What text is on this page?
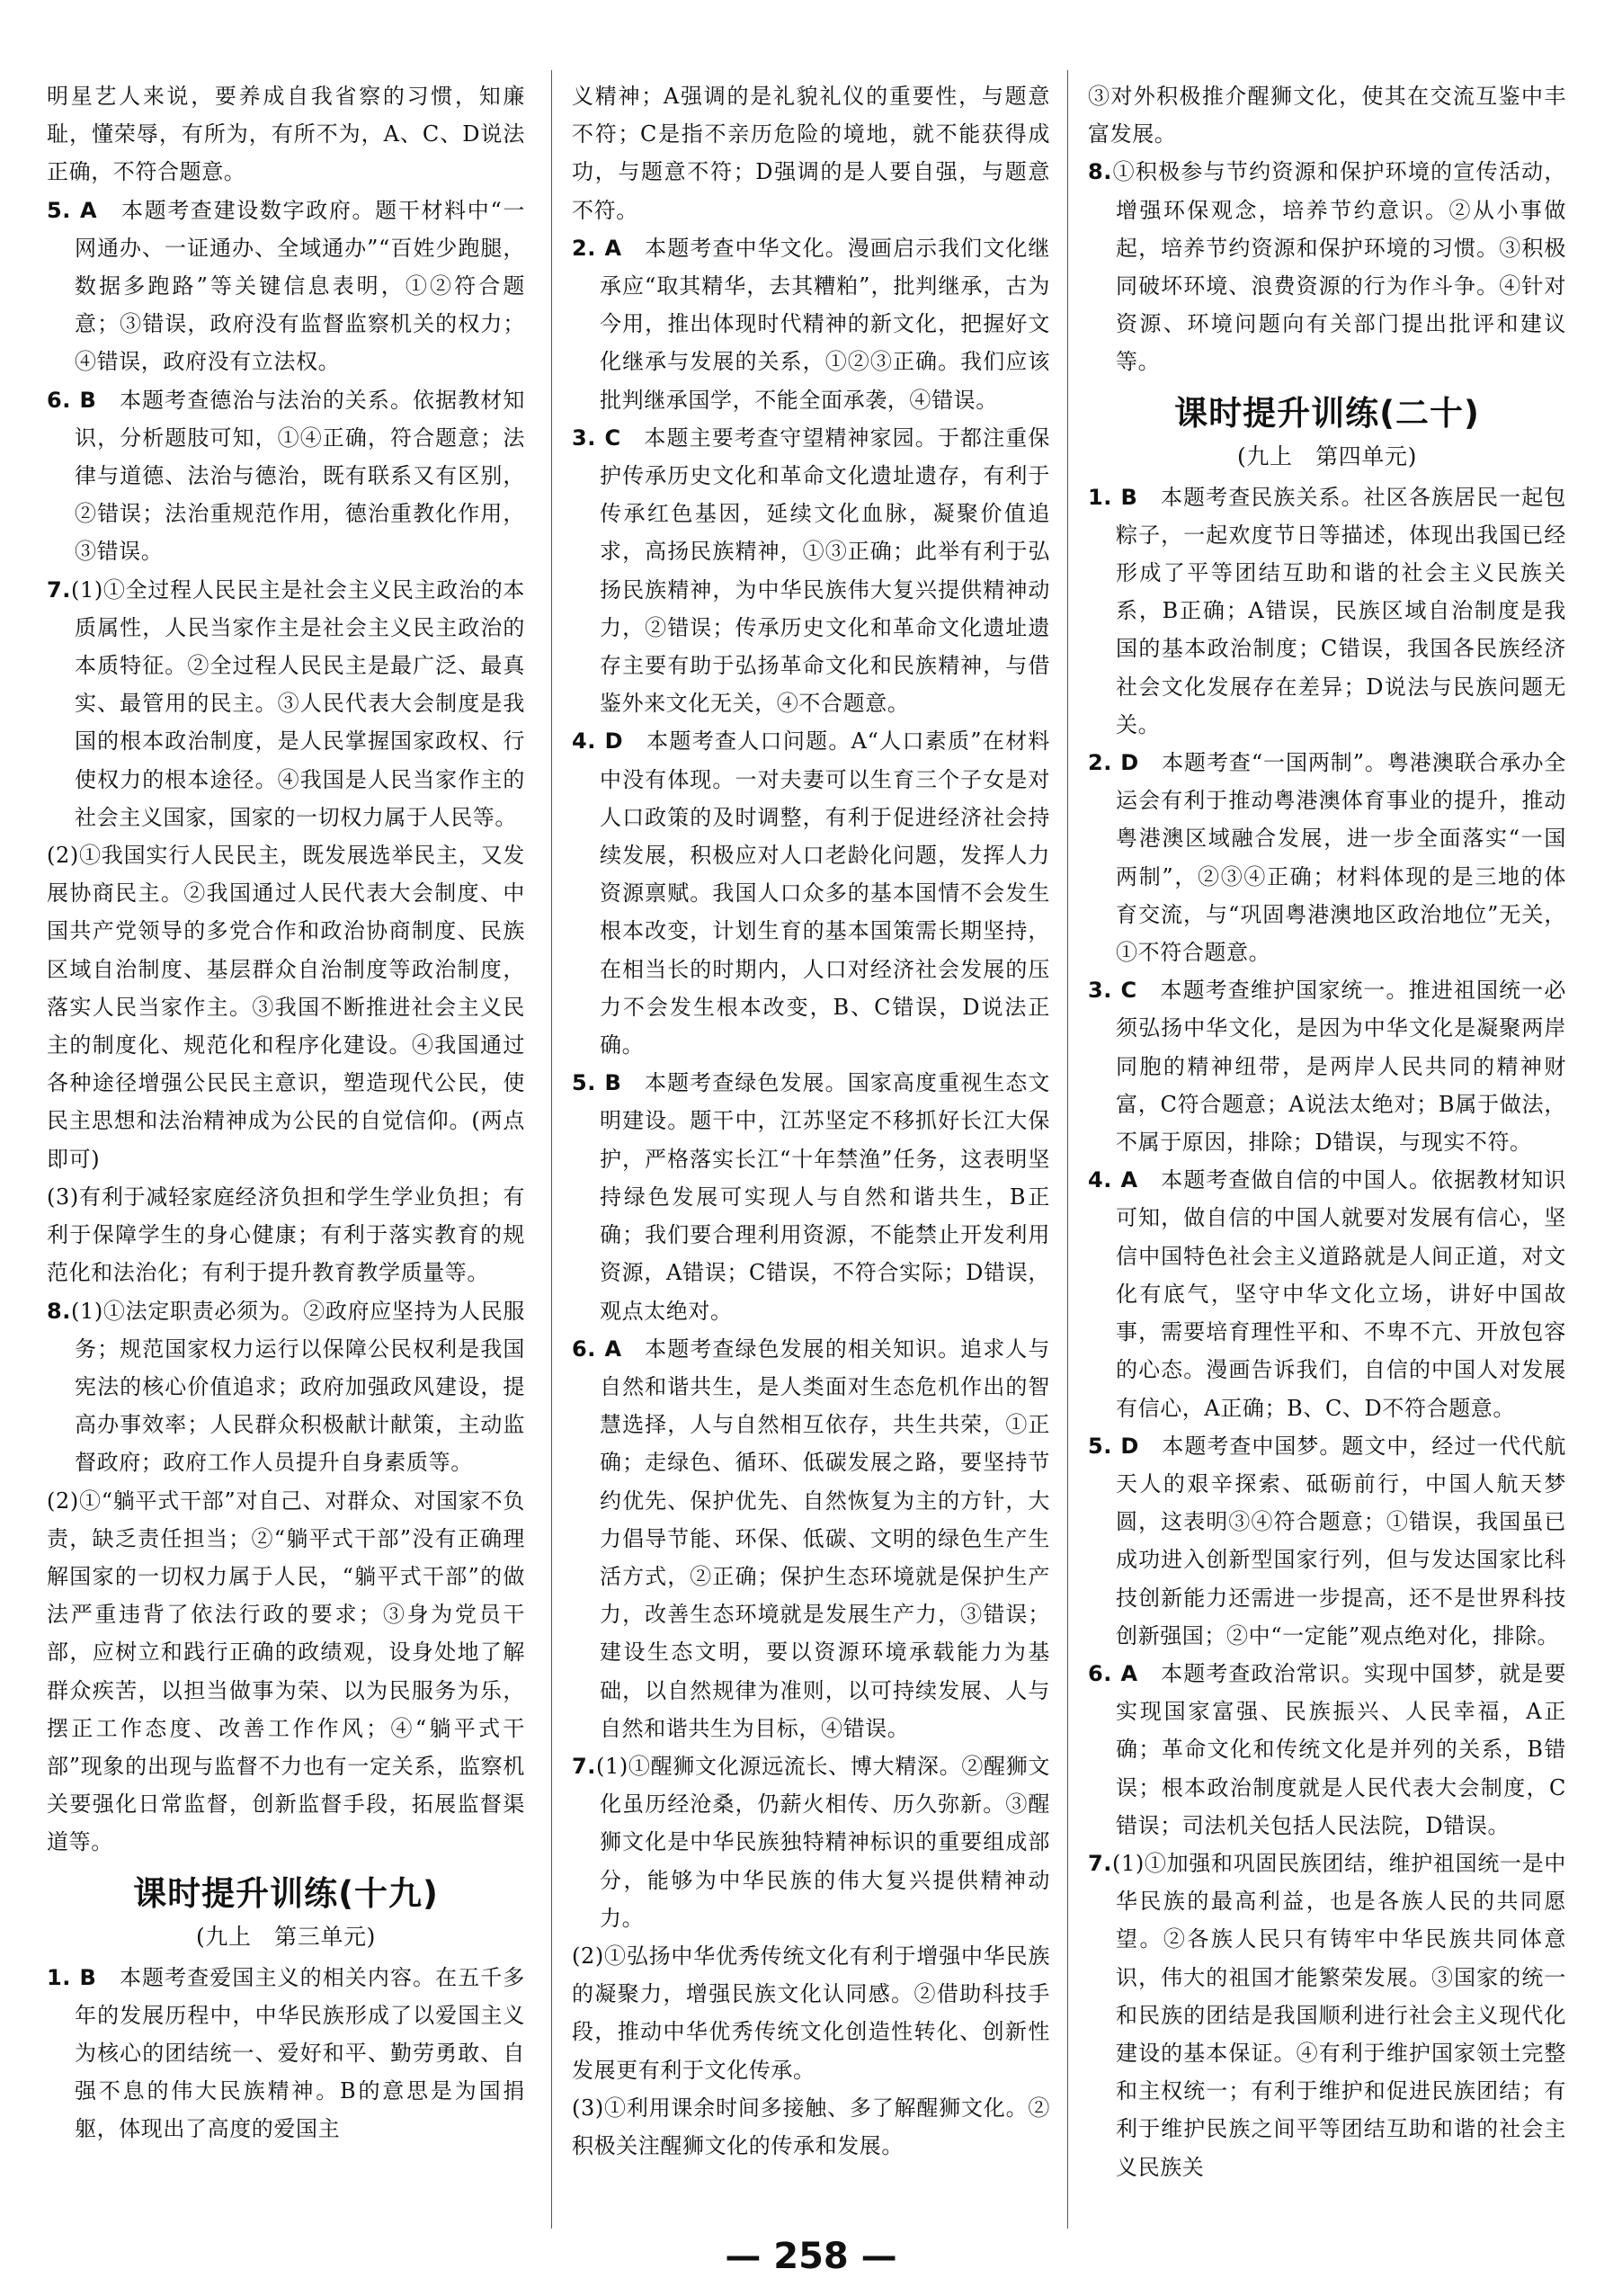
明星艺人来说，要养成自我省察的习惯，知廉耻，懂荣辱，有所为，有所不为，A、C、D说法正确，不符合题意。

5. A　 本题考查建设数字政府。题干材料中“一网通办、一证通办、全域通办”“百姓少跑腿，数据多跑路”等关键信息表明，①②符合题意；③错误，政府没有监督监察机关的权力；④错误，政府没有立法权。

6. B　 本题考查德治与法治的关系。依据教材知识，分析题肢可知，①④正确，符合题意；法律与道德、法治与德治，既有联系又有区别，②错误；法治重规范作用，德治重教化作用，③错误。

7.(1)①全过程人民民主是社会主义民主政治的本质属性，人民当家作主是社会主义民主政治的本质特征。②全过程人民民主是最广泛、最真实、最管用的民主。③人民代表大会制度是我国的根本政治制度，是人民掌握国家政权、行使权力的根本途径。④我国是人民当家作主的社会主义国家，国家的一切权力属于人民等。

(2)①我国实行人民民主，既发展选举民主，又发展协商民主。②我国通过人民代表大会制度、中国共产党领导的多党合作和政治协商制度、民族区域自治制度、基层群众自治制度等政治制度，落实人民当家作主。③我国不断推进社会主义民主的制度化、规范化和程序化建设。④我国通过各种途径增强公民民主意识，塑造现代公民，使民主思想和法治精神成为公民的自觉信仰。(两点即可)

(3)有利于减轻家庭经济负担和学生学业负担；有利于保障学生的身心健康；有利于落实教育的规范化和法治化；有利于提升教育教学质量等。

8.(1)①法定职责必须为。②政府应坚持为人民服务；规范国家权力运行以保障公民权利是我国宪法的核心价值追求；政府加强政风建设，提高办事效率；人民群众积极献计献策，主动监督政府；政府工作人员提升自身素质等。

(2)①“躺平式干部”对自己、对群众、对国家不负责，缺乏责任担当；②“躺平式干部”没有正确理解国家的一切权力属于人民，“躺平式干部”的做法严重违背了依法行政的要求；③身为党员干部，应树立和践行正确的政绩观，设身处地了解群众疾苦，以担当做事为荣、以为民服务为乐，摆正工作态度、改善工作作风；④“躺平式干部”现象的出现与监督不力也有一定关系，监察机关要强化日常监督，创新监督手段，拓展监督渠道等。

课时提升训练(十九)

(九上　第三单元)

1. B　 本题考查爱国主义的相关内容。在五千多年的发展历程中，中华民族形成了以爱国主义为核心的团结统一、爱好和平、勤劳勇敢、自强不息的伟大民族精神。B的意思是为国捐躯，体现出了高度的爱国主

义精神；A强调的是礼貌礼仪的重要性，与题意不符；C是指不亲历危险的境地，就不能获得成功，与题意不符；D强调的是人要自强，与题意不符。

2. A　 本题考查中华文化。漫画启示我们文化继承应“取其精华，去其糟粕”，批判继承，古为今用，推出体现时代精神的新文化，把握好文化继承与发展的关系，①②③正确。我们应该批判继承国学，不能全面承袭，④错误。

3. C　 本题主要考查守望精神家园。于都注重保护传承历史文化和革命文化遗址遗存，有利于传承红色基因，延续文化血脉，凝聚价值追求，高扬民族精神，①③正确；此举有利于弘扬民族精神，为中华民族伟大复兴提供精神动力，②错误；传承历史文化和革命文化遗址遗存主要有助于弘扬革命文化和民族精神，与借鉴外来文化无关，④不合题意。

4. D　 本题考查人口问题。A“人口素质”在材料中没有体现。一对夫妻可以生育三个子女是对人口政策的及时调整，有利于促进经济社会持续发展，积极应对人口老龄化问题，发挥人力资源禀赋。我国人口众多的基本国情不会发生根本改变，计划生育的基本国策需长期坚持，在相当长的时期内，人口对经济社会发展的压力不会发生根本改变，B、C错误，D说法正确。

5. B　 本题考查绿色发展。国家高度重视生态文明建设。题干中，江苏坚定不移抓好长江大保护，严格落实长江“十年禁渔”任务，这表明坚持绿色发展可实现人与自然和谐共生，B正确；我们要合理利用资源，不能禁止开发利用资源，A错误；C错误，不符合实际；D错误，观点太绝对。

6. A　 本题考查绿色发展的相关知识。追求人与自然和谐共生，是人类面对生态危机作出的智慧选择，人与自然相互依存，共生共荣，①正确；走绿色、循环、低碳发展之路，要坚持节约优先、保护优先、自然恢复为主的方针，大力倡导节能、环保、低碳、文明的绿色生产生活方式，②正确；保护生态环境就是保护生产力，改善生态环境就是发展生产力，③错误；建设生态文明，要以资源环境承载能力为基础，以自然规律为准则，以可持续发展、人与自然和谐共生为目标，④错误。

7.(1)①醒狮文化源远流长、博大精深。②醒狮文化虽历经沧桑，仍薪火相传、历久弥新。③醒狮文化是中华民族独特精神标识的重要组成部分，能够为中华民族的伟大复兴提供精神动力。

(2)①弘扬中华优秀传统文化有利于增强中华民族的凝聚力，增强民族文化认同感。②借助科技手段，推动中华优秀传统文化创造性转化、创新性发展更有利于文化传承。

(3)①利用课余时间多接触、多了解醒狮文化。②积极关注醒狮文化的传承和发展。

③对外积极推介醒狮文化，使其在交流互鉴中丰富发展。

8.①积极参与节约资源和保护环境的宣传活动，增强环保观念，培养节约意识。②从小事做起，培养节约资源和保护环境的习惯。③积极同破坏环境、浪费资源的行为作斗争。④针对资源、环境问题向有关部门提出批评和建议等。

课时提升训练(二十)

(九上　第四单元)

1. B　 本题考查民族关系。社区各族居民一起包粽子，一起欢度节日等描述，体现出我国已经形成了平等团结互助和谐的社会主义民族关系，B正确；A错误，民族区域自治制度是我国的基本政治制度；C错误，我国各民族经济社会文化发展存在差异；D说法与民族问题无关。

2. D　 本题考查“一国两制”。粤港澳联合承办全运会有利于推动粤港澳体育事业的提升，推动粤港澳区域融合发展，进一步全面落实“一国两制”，②③④正确；材料体现的是三地的体育交流，与“巩固粤港澳地区政治地位”无关，①不符合题意。

3. C　 本题考查维护国家统一。推进祖国统一必须弘扬中华文化，是因为中华文化是凝聚两岸同胞的精神纽带，是两岸人民共同的精神财富，C符合题意；A说法太绝对；B属于做法，不属于原因，排除；D错误，与现实不符。

4. A　 本题考查做自信的中国人。依据教材知识可知，做自信的中国人就要对发展有信心，坚信中国特色社会主义道路就是人间正道，对文化有底气，坚守中华文化立场，讲好中国故事，需要培育理性平和、不卑不亢、开放包容的心态。漫画告诉我们，自信的中国人对发展有信心，A正确；B、C、D不符合题意。

5. D　 本题考查中国梦。题文中，经过一代代航天人的艰辛探索、砥砺前行，中国人航天梦圆，这表明③④符合题意；①错误，我国虽已成功进入创新型国家行列，但与发达国家比科技创新能力还需进一步提高，还不是世界科技创新强国；②中“一定能”观点绝对化，排除。

6. A　 本题考查政治常识。实现中国梦，就是要实现国家富强、民族振兴、人民幸福，A正确；革命文化和传统文化是并列的关系，B错误；根本政治制度就是人民代表大会制度，C错误；司法机关包括人民法院，D错误。

7.(1)①加强和巩固民族团结，维护祖国统一是中华民族的最高利益，也是各族人民的共同愿望。②各族人民只有铸牢中华民族共同体意识，伟大的祖国才能繁荣发展。③国家的统一和民族的团结是我国顺利进行社会主义现代化建设的基本保证。④有利于维护国家领土完整和主权统一；有利于维护和促进民族团结；有利于维护民族之间平等团结互助和谐的社会主义民族关

— 258 —
